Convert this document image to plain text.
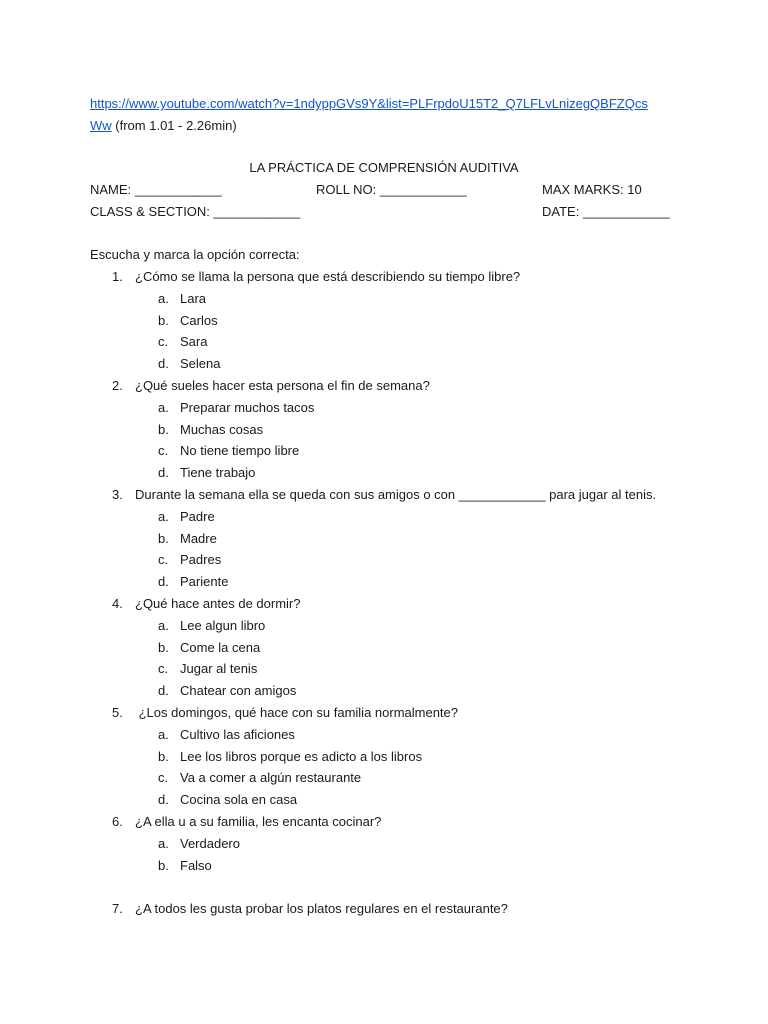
https://www.youtube.com/watch?v=1ndyppGVs9Y&list=PLFrpdoU15T2_Q7LFLvLnizegQBFZQcs
Ww (from 1.01 - 2.26min)
LA PRÁCTICA DE COMPRENSIÓN AUDITIVA
NAME: ____________	ROLL NO: ____________	MAX MARKS: 10
CLASS & SECTION: ____________	DATE: ____________
Escucha y marca la opción correcta:
1. ¿Cómo se llama la persona que está describiendo su tiempo libre?
a. Lara
b. Carlos
c. Sara
d. Selena
2. ¿Qué sueles hacer esta persona el fin de semana?
a. Preparar muchos tacos
b. Muchas cosas
c. No tiene tiempo libre
d. Tiene trabajo
3. Durante la semana ella se queda con sus amigos o con ____________ para jugar al tenis.
a. Padre
b. Madre
c. Padres
d. Pariente
4. ¿Qué hace antes de dormir?
a. Lee algun libro
b. Come la cena
c. Jugar al tenis
d. Chatear con amigos
5. ¿Los domingos, qué hace con su familia normalmente?
a. Cultivo las aficiones
b. Lee los libros porque es adicto a los libros
c. Va a comer a algún restaurante
d. Cocina sola en casa
6. ¿A ella u a su familia, les encanta cocinar?
a. Verdadero
b. Falso
7. ¿A todos les gusta probar los platos regulares en el restaurante?
